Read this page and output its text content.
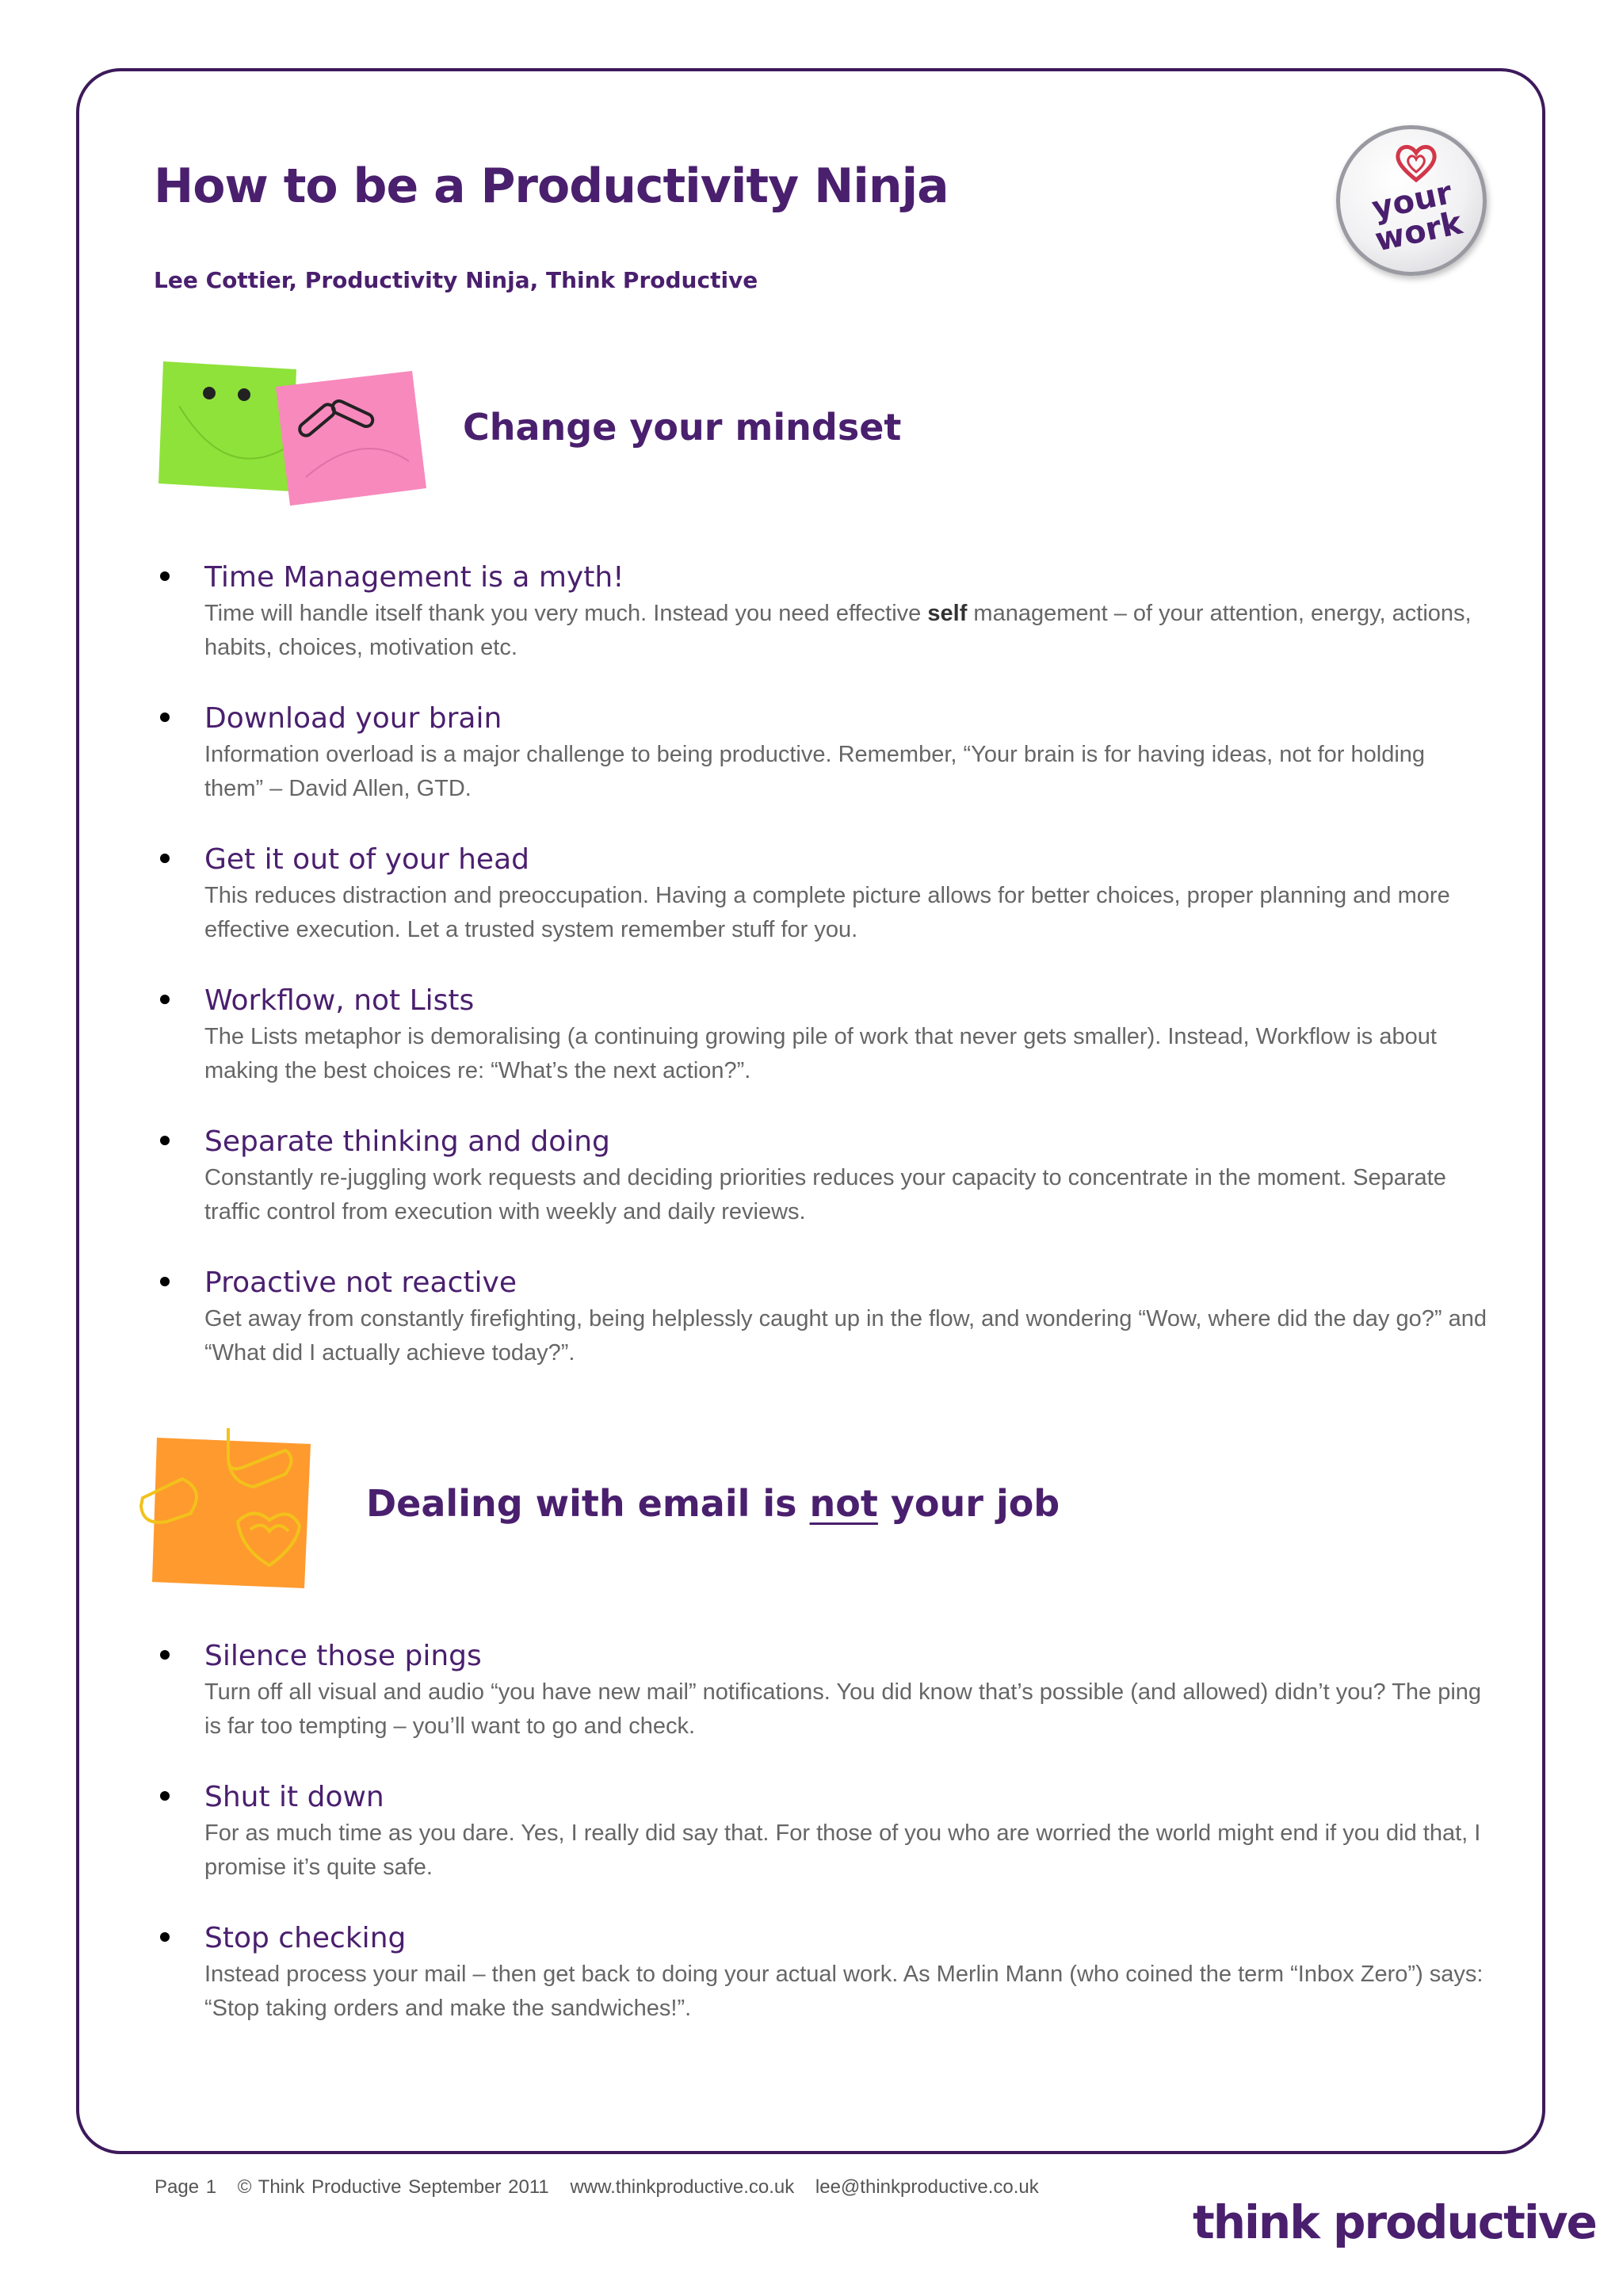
How to be a Productivity Ninja
Lee Cottier, Productivity Ninja, Think Productive
your work
Change your mindset
Time Management is a myth!
Time will handle itself thank you very much. Instead you need effective self management – of your attention, energy, actions, habits, choices, motivation etc.
Download your brain
Information overload is a major challenge to being productive. Remember, “Your brain is for having ideas, not for holding them” – David Allen, GTD.
Get it out of your head
This reduces distraction and preoccupation. Having a complete picture allows for better choices, proper planning and more effective execution. Let a trusted system remember stuff for you.
Workflow, not Lists
The Lists metaphor is demoralising (a continuing growing pile of work that never gets smaller). Instead, Workflow is about making the best choices re: “What’s the next action?”.
Separate thinking and doing
Constantly re-juggling work requests and deciding priorities reduces your capacity to concentrate in the moment. Separate traffic control from execution with weekly and daily reviews.
Proactive not reactive
Get away from constantly firefighting, being helplessly caught up in the flow, and wondering “Wow, where did the day go?” and “What did I actually achieve today?”.
Dealing with email is not your job
Silence those pings
Turn off all visual and audio “you have new mail” notifications. You did know that’s possible (and allowed) didn’t you? The ping is far too tempting – you’ll want to go and check.
Shut it down
For as much time as you dare. Yes, I really did say that. For those of you who are worried the world might end if you did that, I promise it’s quite safe.
Stop checking
Instead process your mail – then get back to doing your actual work. As Merlin Mann (who coined the term “Inbox Zero”) says: “Stop taking orders and make the sandwiches!”.
Page 1 © Think Productive September 2011 www.thinkproductive.co.uk lee@thinkproductive.co.uk
think productive
